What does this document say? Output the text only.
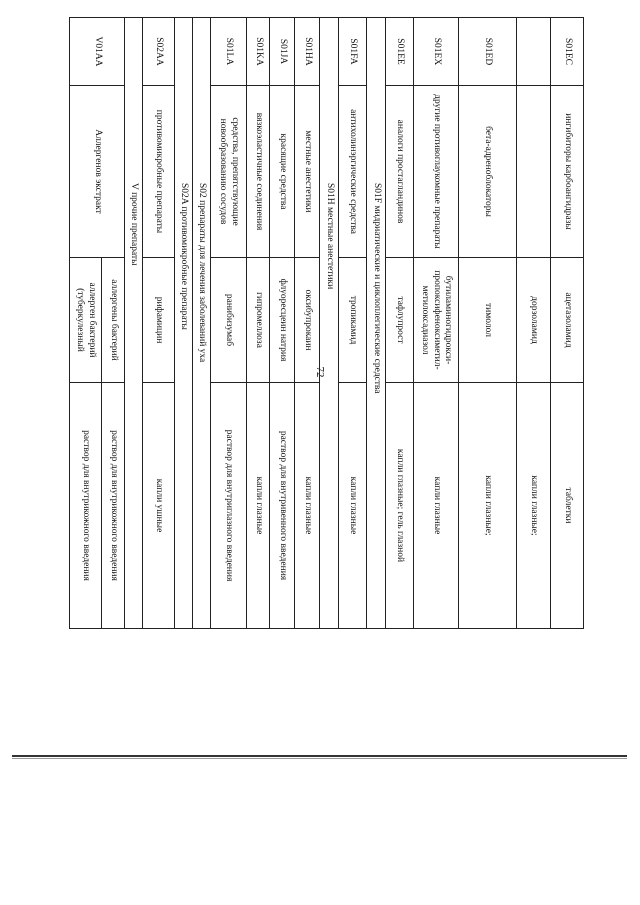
72
S01EC	ингибиторы карбоангидразы	ацетазоламид	таблетки
		дорзоламид	капли глазные;
S01ED	бета-адреноблокаторы	тимолол	капли глазные;
S01EX	другие противоглаукомные препараты	бутиламиногидрокси-пропоксифеноксиметил-метилоксадиазол	капли глазные
S01EE	аналоги простагландинов	тафлупрост	капли глазные; гель глазной
S01F мидриатические и циклоплегические средства			
S01FA	антихолинэргические средства	тропикамид	капли глазные
S01H местные анестетики			
S01HA	местные анестетики	оксибупрокаин	капли глазные
S01JA	красящие средства	флуоресцеин натрия	раствор для внутривенного введения
S01KA	вязкоэластичные соединения	гипромеллоза	капли глазные
S01LA	средства, препятствующие новообразованию сосудов	ранибизумаб	раствор для внутриглазного введения
S02 препараты для лечения заболеваний уха			
S02A противомикробные препараты			
S02AA	противомикробные препараты	рифамицин	капли ушные
V прочие препараты			
V01AA	Аллергенов экстракт	аллергены бактерий	раствор для внутрикожного введения
		аллерген бактерий (туберкулезный	раствор для внутрикожного введения
